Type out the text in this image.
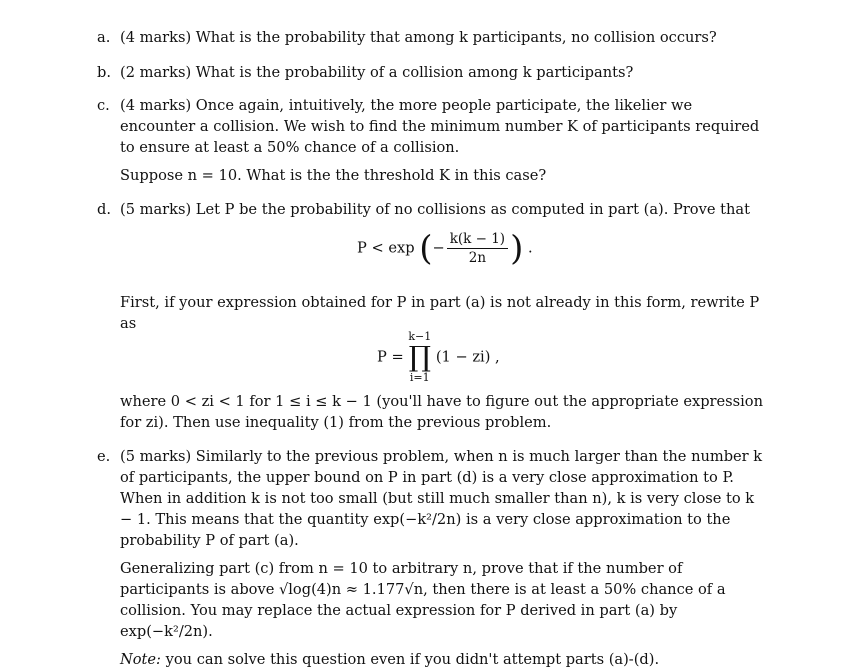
a. (4 marks) What is the probability that among k participants, no collision occurs?
b. (2 marks) What is the probability of a collision among k participants?
c. (4 marks) Once again, intuitively, the more people participate, the likelier we encounter a collision. We wish to find the minimum number K of participants required to ensure at least a 50% chance of a collision.

Suppose n = 10. What is the the threshold K in this case?

d. (5 marks) Let P be the probability of no collisions as computed in part (a). Prove that

P < exp (− $\frac{k(k - 1)}{2n}$ ) .

First, if your expression obtained for P in part (a) is not already in this form, rewrite P as

P =
k−1
∏
i=1
(1 − zi) ,

where 0 < zi < 1 for 1 ≤ i ≤ k − 1 (you'll have to figure out the appropriate expression for zi). Then use inequality (1) from the previous problem.

e. (5 marks) Similarly to the previous problem, when n is much larger than the number k of participants, the upper bound on P in part (d) is a very close approximation to P. When in addition k is not too small (but still much smaller than n), k is very close to k − 1. This means that the quantity exp(−k²/2n) is a very close approximation to the probability P of part (a).

Generalizing part (c) from n = 10 to arbitrary n, prove that if the number of participants is above √log(4)n ≈ 1.177√n, then there is at least a 50% chance of a collision. You may replace the actual expression for P derived in part (a) by exp(−k²/2n).

Note: you can solve this question even if you didn't attempt parts (a)-(d).
